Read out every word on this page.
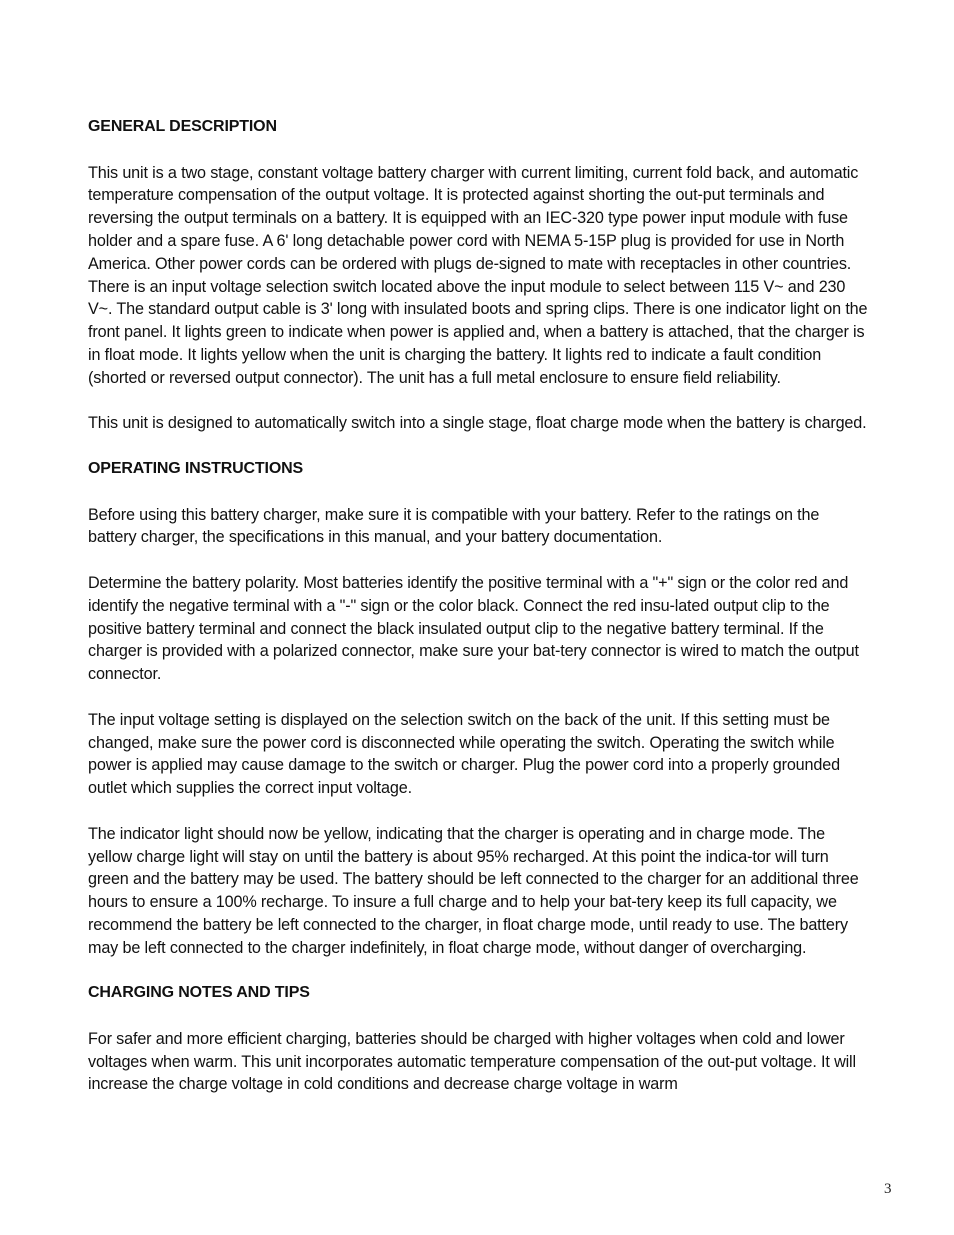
GENERAL DESCRIPTION

This unit is a two stage, constant voltage battery charger with current limiting, current fold back, and automatic temperature compensation of the output voltage. It is protected against shorting the out-put terminals and reversing the output terminals on a battery. It is equipped with an IEC-320 type power input module with fuse holder and a spare fuse. A 6' long detachable power cord with NEMA 5-15P plug is provided for use in North America. Other power cords can be ordered with plugs de-signed to mate with receptacles in other countries. There is an input voltage selection switch located above the input module to select between 115 V~ and 230 V~. The standard output cable is 3' long with insulated boots and spring clips. There is one indicator light on the front panel. It lights green to indicate when power is applied and, when a battery is attached, that the charger is in float mode. It lights yellow when the unit is charging the battery. It lights red to indicate a fault condition (shorted or reversed output connector). The unit has a full metal enclosure to ensure field reliability.

This unit is designed to automatically switch into a single stage, float charge mode when the battery is charged.

OPERATING INSTRUCTIONS

Before using this battery charger, make sure it is compatible with your battery. Refer to the ratings on the battery charger, the specifications in this manual, and your battery documentation.

Determine the battery polarity. Most batteries identify the positive terminal with a "+" sign or the color red and identify the negative terminal with a "-" sign or the color black. Connect the red insu-lated output clip to the positive battery terminal and connect the black insulated output clip to the negative battery terminal. If the charger is provided with a polarized connector, make sure your bat-tery connector is wired to match the output connector.

The input voltage setting is displayed on the selection switch on the back of the unit. If this setting must be changed, make sure the power cord is disconnected while operating the switch. Operating the switch while power is applied may cause damage to the switch or charger. Plug the power cord into a properly grounded outlet which supplies the correct input voltage.

The indicator light should now be yellow, indicating that the charger is operating and in charge mode. The yellow charge light will stay on until the battery is about 95% recharged. At this point the indica-tor will turn green and the battery may be used. The battery should be left connected to the charger for an additional three hours to ensure a 100% recharge. To insure a full charge and to help your bat-tery keep its full capacity, we recommend the battery be left connected to the charger, in float charge mode, until ready to use. The battery may be left connected to the charger indefinitely, in float charge mode, without danger of overcharging.

CHARGING NOTES AND TIPS

For safer and more efficient charging, batteries should be charged with higher voltages when cold and lower voltages when warm. This unit incorporates automatic temperature compensation of the out-put voltage. It will increase the charge voltage in cold conditions and decrease charge voltage in warm

3
